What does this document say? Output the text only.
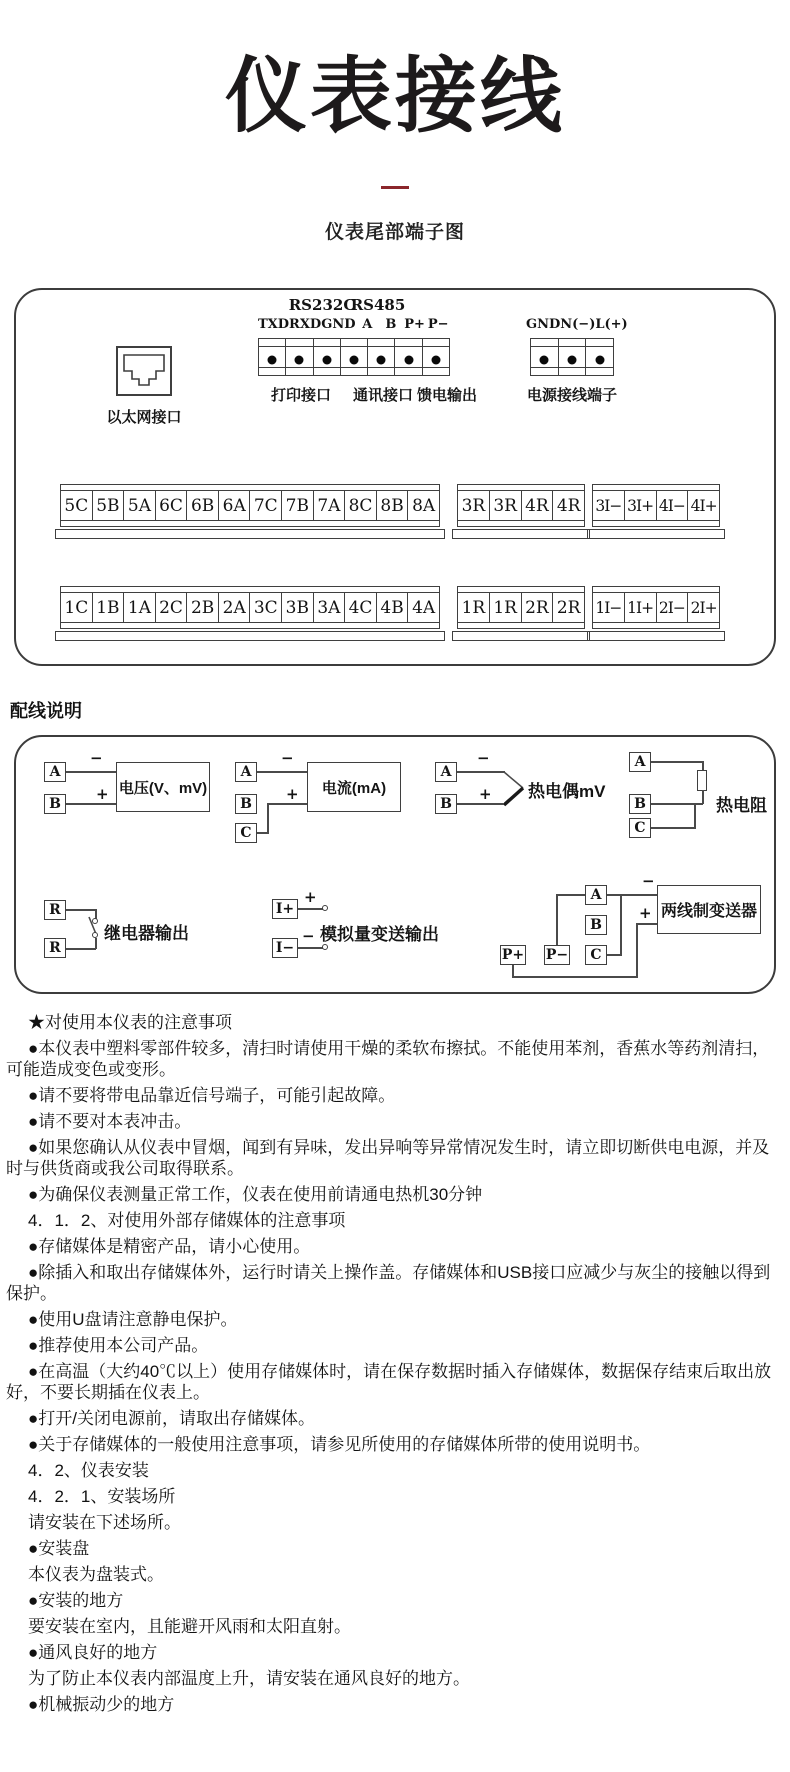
仪表接线
仪表尾部端子图
以太网接口
RS232C
RS485
TXD RXD GND A	B P+ P−
打印接口	通讯接口 馈电输出
GND N(−) L(+)
电源接线端子
5C 5B 5A 6C 6B 6A 7C 7B 7A 8C 8B 8A 3R 3R 4R 4R 3I− 3I+ 4I− 4I+
1C 1B 1A 2C 2B 2A 3C 3B 3A 4C 4B 4A 1R 1R 2R 2R 1I− 1I+ 2I− 2I+
配线说明
A
B
−
+ 电压(V、mV)
A
B
C
−
+	电流(mA)
A
B
−
+ 热电偶mV
A
B
C
热电阻
R
R
继电器输出
I+
I−
+
− 模拟量变送输出
A
B
C
P+ P−
−
+ 两线制变送器
★对使用本仪表的注意事项
●本仪表中塑料零部件较多，清扫时请使用干燥的柔软布擦拭。不能使用苯剂，香蕉水等药剂清扫，可能造成变色或变形。
●请不要将带电品靠近信号端子，可能引起故障。
●请不要对本表冲击。
●如果您确认从仪表中冒烟，闻到有异味，发出异响等异常情况发生时，请立即切断供电电源，并及时与供货商或我公司取得联系。
●为确保仪表测量正常工作，仪表在使用前请通电热机30分钟
4．1．2、对使用外部存储媒体的注意事项
●存储媒体是精密产品，请小心使用。
●除插入和取出存储媒体外，运行时请关上操作盖。存储媒体和USB接口应减少与灰尘的接触以得到保护。
●使用U盘请注意静电保护。
●推荐使用本公司产品。
●在高温（大约40℃以上）使用存储媒体时，请在保存数据时插入存储媒体，数据保存结束后取出放好，不要长期插在仪表上。
●打开/关闭电源前，请取出存储媒体。
●关于存储媒体的一般使用注意事项，请参见所使用的存储媒体所带的使用说明书。
4．2、仪表安装
4．2．1、安装场所
请安装在下述场所。
●安装盘
本仪表为盘装式。
●安装的地方
要安装在室内，且能避开风雨和太阳直射。
●通风良好的地方
为了防止本仪表内部温度上升，请安装在通风良好的地方。
●机械振动少的地方
